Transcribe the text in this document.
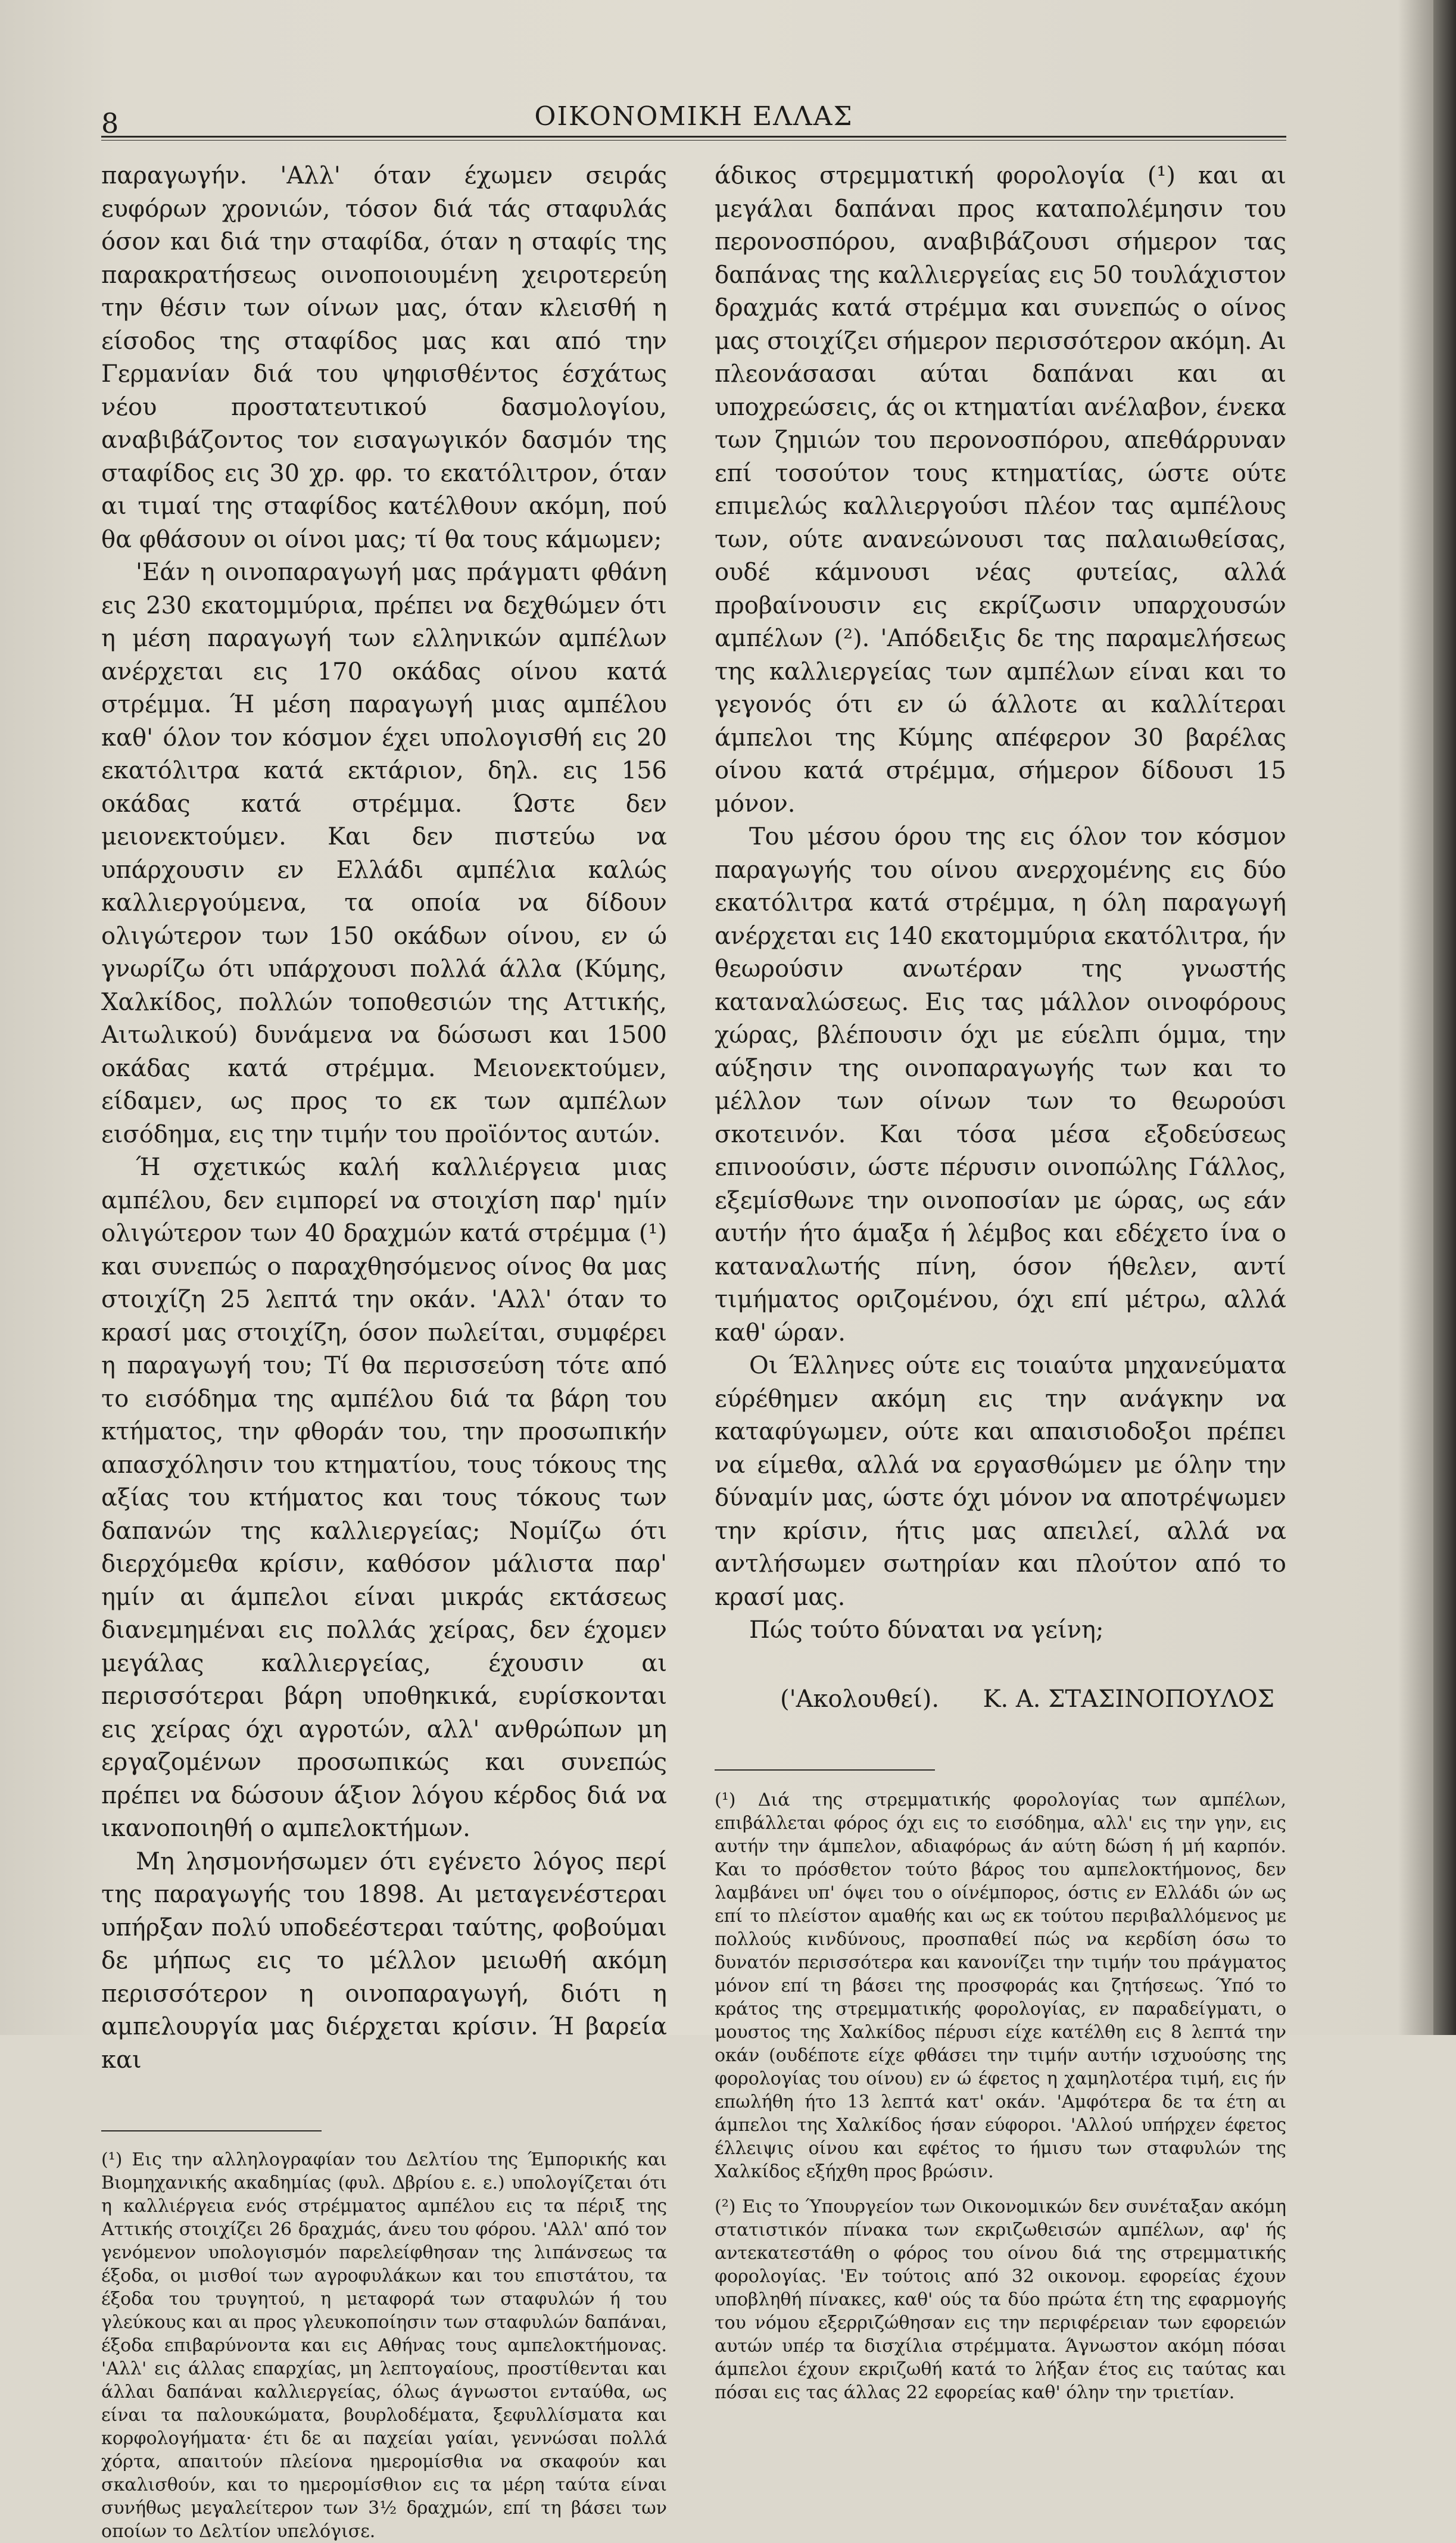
8	ΟΙΚΟΝΟΜΙΚΗ ΕΛΛΑΣ

παραγωγήν. 'Αλλ' όταν έχωμεν σειράς ευφόρων χρονιών, τόσον διά τάς σταφυλάς όσον και διά την σταφίδα, όταν η σταφίς της παρακρατήσεως οινοποιουμένη χειροτερεύη την θέσιν των οίνων μας, όταν κλεισθή η είσοδος της σταφίδος μας και από την Γερμανίαν διά του ψηφισθέντος έσχάτως νέου προστατευτικού δασμολογίου, αναβιβάζοντος τον εισαγωγικόν δασμόν της σταφίδος εις 30 χρ. φρ. το εκατόλιτρον, όταν αι τιμαί της σταφίδος κατέλθουν ακόμη, πού θα φθάσουν οι οίνοι μας; τί θα τους κάμωμεν;

'Εάν η οινοπαραγωγή μας πράγματι φθάνη εις 230 εκατομμύρια, πρέπει να δεχθώμεν ότι η μέση παραγωγή των ελληνικών αμπέλων ανέρχεται εις 170 οκάδας οίνου κατά στρέμμα. Ή μέση παραγωγή μιας αμπέλου καθ' όλον τον κόσμον έχει υπολογισθή εις 20 εκατόλιτρα κατά εκτάριον, δηλ. εις 156 οκάδας κατά στρέμμα. Ώστε δεν μειονεκτούμεν. Και δεν πιστεύω να υπάρχουσιν εν Ελλάδι αμπέλια καλώς καλλιεργούμενα, τα οποία να δίδουν ολιγώτερον των 150 οκάδων οίνου, εν ώ γνωρίζω ότι υπάρχουσι πολλά άλλα (Κύμης, Χαλκίδος, πολλών τοποθεσιών της Αττικής, Αιτωλικού) δυνάμενα να δώσωσι και 1500 οκάδας κατά στρέμμα. Μειονεκτούμεν, είδαμεν, ως προς το εκ των αμπέλων εισόδημα, εις την τιμήν του προϊόντος αυτών.

Ή σχετικώς καλή καλλιέργεια μιας αμπέλου, δεν ειμπορεί να στοιχίση παρ' ημίν ολιγώτερον των 40 δραχμών κατά στρέμμα (¹) και συνεπώς ο παραχθησόμενος οίνος θα μας στοιχίζη 25 λεπτά την οκάν. 'Αλλ' όταν το κρασί μας στοιχίζη, όσον πωλείται, συμφέρει η παραγωγή του; Τί θα περισσεύση τότε από το εισόδημα της αμπέλου διά τα βάρη του κτήματος, την φθοράν του, την προσωπικήν απασχόλησιν του κτηματίου, τους τόκους της αξίας του κτήματος και τους τόκους των δαπανών της καλλιεργείας; Νομίζω ότι διερχόμεθα κρίσιν, καθόσον μάλιστα παρ' ημίν αι άμπελοι είναι μικράς εκτάσεως διανεμημέναι εις πολλάς χείρας, δεν έχομεν μεγάλας καλλιεργείας, έχουσιν αι περισσότεραι βάρη υποθηκικά, ευρίσκονται εις χείρας όχι αγροτών, αλλ' ανθρώπων μη εργαζομένων προσωπικώς και συνεπώς πρέπει να δώσουν άξιον λόγου κέρδος διά να ικανοποιηθή ο αμπελοκτήμων.

Μη λησμονήσωμεν ότι εγένετο λόγος περί της παραγωγής του 1898. Αι μεταγενέστεραι υπήρξαν πολύ υποδεέστεραι ταύτης, φοβούμαι δε μήπως εις το μέλλον μειωθή ακόμη περισσότερον η οινοπαραγωγή, διότι η αμπελουργία μας διέρχεται κρίσιν. Ή βαρεία και

(¹) Εις την αλληλογραφίαν του Δελτίου της Έμπορικής και Βιομηχανικής ακαδημίας (φυλ. Δβρίου ε. ε.) υπολογίζεται ότι η καλλιέργεια ενός στρέμματος αμπέλου εις τα πέριξ της Αττικής στοιχίζει 26 δραχμάς, άνευ του φόρου. 'Αλλ' από τον γενόμενον υπολογισμόν παρελείφθησαν της λιπάνσεως τα έξοδα, οι μισθοί των αγροφυλάκων και του επιστάτου, τα έξοδα του τρυγητού, η μεταφορά των σταφυλών ή του γλεύκους και αι προς γλευκοποίησιν των σταφυλών δαπάναι, έξοδα επιβαρύνοντα και εις Αθήνας τους αμπελοκτήμονας. 'Αλλ' εις άλλας επαρχίας, μη λεπτογαίους, προστίθενται και άλλαι δαπάναι καλλιεργείας, όλως άγνωστοι ενταύθα, ως είναι τα παλουκώματα, βουρλοδέματα, ξεφυλλίσματα και κορφολογήματα· έτι δε αι παχείαι γαίαι, γεννώσαι πολλά χόρτα, απαιτούν πλείονα ημερομίσθια να σκαφούν και σκαλισθούν, και το ημερομίσθιον εις τα μέρη ταύτα είναι συνήθως μεγαλείτερον των 3½ δραχμών, επί τη βάσει των οποίων το Δελτίον υπελόγισε.

άδικος στρεμματική φορολογία (¹) και αι μεγάλαι δαπάναι προς καταπολέμησιν του περονοσπόρου, αναβιβάζουσι σήμερον τας δαπάνας της καλλιεργείας εις 50 τουλάχιστον δραχμάς κατά στρέμμα και συνεπώς ο οίνος μας στοιχίζει σήμερον περισσότερον ακόμη. Αι πλεονάσασαι αύται δαπάναι και αι υποχρεώσεις, άς οι κτηματίαι ανέλαβον, ένεκα των ζημιών του περονοσπόρου, απεθάρρυναν επί τοσούτον τους κτηματίας, ώστε ούτε επιμελώς καλλιεργούσι πλέον τας αμπέλους των, ούτε ανανεώνουσι τας παλαιωθείσας, ουδέ κάμνουσι νέας φυτείας, αλλά προβαίνουσιν εις εκρίζωσιν υπαρχουσών αμπέλων (²). 'Απόδειξις δε της παραμελήσεως της καλλιεργείας των αμπέλων είναι και το γεγονός ότι εν ώ άλλοτε αι καλλίτεραι άμπελοι της Κύμης απέφερον 30 βαρέλας οίνου κατά στρέμμα, σήμερον δίδουσι 15 μόνον.

Του μέσου όρου της εις όλον τον κόσμον παραγωγής του οίνου ανερχομένης εις δύο εκατόλιτρα κατά στρέμμα, η όλη παραγωγή ανέρχεται εις 140 εκατομμύρια εκατόλιτρα, ήν θεωρούσιν ανωτέραν της γνωστής καταναλώσεως. Εις τας μάλλον οινοφόρους χώρας, βλέπουσιν όχι με εύελπι όμμα, την αύξησιν της οινοπαραγωγής των και το μέλλον των οίνων των το θεωρούσι σκοτεινόν. Και τόσα μέσα εξοδεύσεως επινοούσιν, ώστε πέρυσιν οινοπώλης Γάλλος, εξεμίσθωνε την οινοποσίαν με ώρας, ως εάν αυτήν ήτο άμαξα ή λέμβος και εδέχετο ίνα ο καταναλωτής πίνη, όσον ήθελεν, αντί τιμήματος οριζομένου, όχι επί μέτρω, αλλά καθ' ώραν.

Οι Έλληνες ούτε εις τοιαύτα μηχανεύματα εύρέθημεν ακόμη εις την ανάγκην να καταφύγωμεν, ούτε και απαισιοδοξοι πρέπει να είμεθα, αλλά να εργασθώμεν με όλην την δύναμίν μας, ώστε όχι μόνον να αποτρέψωμεν την κρίσιν, ήτις μας απειλεί, αλλά να αντλήσωμεν σωτηρίαν και πλούτον από το κρασί μας.

Πώς τούτο δύναται να γείνη;

('Ακολουθεί). Κ. Α. ΣΤΑΣΙΝΟΠΟΥΛΟΣ

(¹) Διά της στρεμματικής φορολογίας των αμπέλων, επιβάλλεται φόρος όχι εις το εισόδημα, αλλ' εις την γην, εις αυτήν την άμπελον, αδιαφόρως άν αύτη δώση ή μή καρπόν. Και το πρόσθετον τούτο βάρος του αμπελοκτήμονος, δεν λαμβάνει υπ' όψει του ο οίνέμπορος, όστις εν Ελλάδι ών ως επί το πλείστον αμαθής και ως εκ τούτου περιβαλλόμενος με πολλούς κινδύνους, προσπαθεί πώς να κερδίση όσω το δυνατόν περισσότερα και κανονίζει την τιμήν του πράγματος μόνον επί τη βάσει της προσφοράς και ζητήσεως. Ύπό το κράτος της στρεμματικής φορολογίας, εν παραδείγματι, ο μουστος της Χαλκίδος πέρυσι είχε κατέλθη εις 8 λεπτά την οκάν (ουδέποτε είχε φθάσει την τιμήν αυτήν ισχυούσης της φορολογίας του οίνου) εν ώ έφετος η χαμηλοτέρα τιμή, εις ήν επωλήθη ήτο 13 λεπτά κατ' οκάν. 'Αμφότερα δε τα έτη αι άμπελοι της Χαλκίδος ήσαν εύφοροι. 'Αλλού υπήρχεν έφετος έλλειψις οίνου και εφέτος το ήμισυ των σταφυλών της Χαλκίδος εξήχθη προς βρώσιν.

(²) Εις το Ύπουργείον των Οικονομικών δεν συνέταξαν ακόμη στατιστικόν πίνακα των εκριζωθεισών αμπέλων, αφ' ής αντεκατεστάθη ο φόρος του οίνου διά της στρεμματικής φορολογίας. 'Εν τούτοις από 32 οικονομ. εφορείας έχουν υποβληθή πίνακες, καθ' ούς τα δύο πρώτα έτη της εφαρμογής του νόμου εξερριζώθησαν εις την περιφέρειαν των εφορειών αυτών υπέρ τα δισχίλια στρέμματα. Άγνωστον ακόμη πόσαι άμπελοι έχουν εκριζωθή κατά το λήξαν έτος εις ταύτας και πόσαι εις τας άλλας 22 εφορείας καθ' όλην την τριετίαν.
